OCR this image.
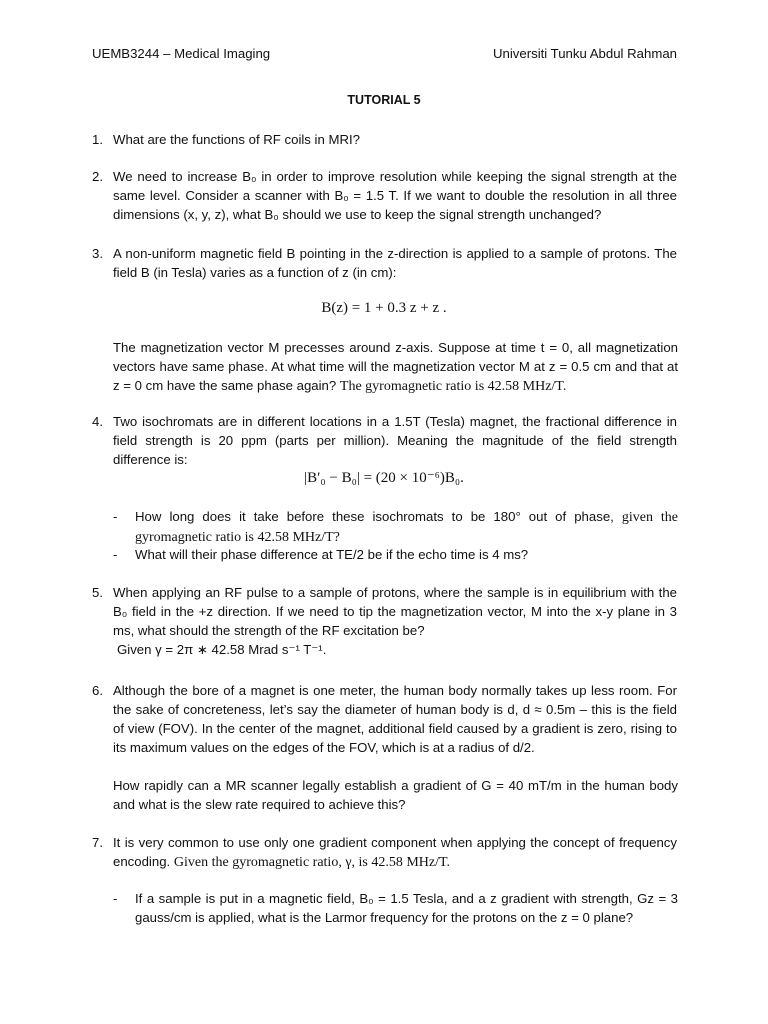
UEMB3244 – Medical Imaging	Universiti Tunku Abdul Rahman
TUTORIAL 5
1. What are the functions of RF coils in MRI?
2. We need to increase B₀ in order to improve resolution while keeping the signal strength at the same level. Consider a scanner with B₀ = 1.5 T. If we want to double the resolution in all three dimensions (x, y, z), what B₀ should we use to keep the signal strength unchanged?
3. A non-uniform magnetic field B pointing in the z-direction is applied to a sample of protons. The field B (in Tesla) varies as a function of z (in cm):
B(z) = 1 + 0.3 z + z .
The magnetization vector M precesses around z-axis. Suppose at time t = 0, all magnetization vectors have same phase. At what time will the magnetization vector M at z = 0.5 cm and that at z = 0 cm have the same phase again? The gyromagnetic ratio is 42.58 MHz/T.
4. Two isochromats are in different locations in a 1.5T (Tesla) magnet, the fractional difference in field strength is 20 ppm (parts per million). Meaning the magnitude of the field strength difference is:
|B′₀ − B₀| = (20 × 10⁻⁶)B₀.
- How long does it take before these isochromats to be 180° out of phase, given the gyromagnetic ratio is 42.58 MHz/T?
- What will their phase difference at TE/2 be if the echo time is 4 ms?
5. When applying an RF pulse to a sample of protons, where the sample is in equilibrium with the B₀ field in the +z direction. If we need to tip the magnetization vector, M into the x-y plane in 3 ms, what should the strength of the RF excitation be?
Given γ = 2π ∗ 42.58 Mrad s⁻¹ T⁻¹.
6. Although the bore of a magnet is one meter, the human body normally takes up less room. For the sake of concreteness, let’s say the diameter of human body is d, d ≈ 0.5m – this is the field of view (FOV). In the center of the magnet, additional field caused by a gradient is zero, rising to its maximum values on the edges of the FOV, which is at a radius of d/2.
How rapidly can a MR scanner legally establish a gradient of G = 40 mT/m in the human body and what is the slew rate required to achieve this?
7. It is very common to use only one gradient component when applying the concept of frequency encoding. Given the gyromagnetic ratio, γ, is 42.58 MHz/T.
- If a sample is put in a magnetic field, B₀ = 1.5 Tesla, and a z gradient with strength, Gz = 3 gauss/cm is applied, what is the Larmor frequency for the protons on the z = 0 plane?
